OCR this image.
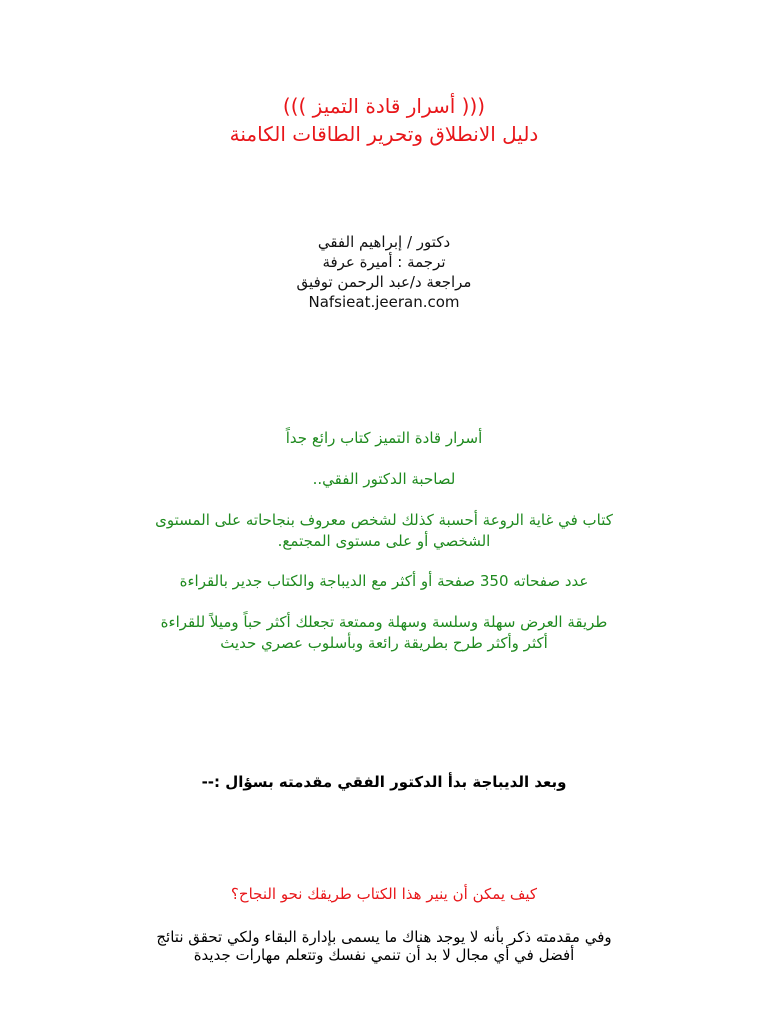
((( أسرار قادة التميز )))
دليل الانطلاق وتحرير الطاقات الكامنة
دكتور / إبراهيم الفقي
ترجمة : أميرة عرفة
مراجعة د/عبد الرحمن توفيق
Nafsieat.jeeran.com
أسرار قادة التميز كتاب رائع جداً
لصاحبة الدكتور الفقي..
كتاب في غاية الروعة أحسبة كذلك لشخص معروف بنجاحاته على المستوى
الشخصي أو على مستوى المجتمع.
عدد صفحاته 350 صفحة أو أكثر مع الديباجة والكتاب جدير بالقراءة
طريقة العرض سهلة وسلسة وسهلة وممتعة تجعلك أكثر حباً وميلاً للقراءة
أكثر وأكثر طرح بطريقة رائعة وبأسلوب عصري حديث
وبعد الديباجة بدأ الدكتور الفقي مقدمته بسؤال :--
كيف يمكن أن ينير هذا الكتاب طريقك نحو النجاح؟
وفي مقدمته ذكر بأنه لا يوجد هناك ما يسمى بإدارة البقاء ولكي تحقق نتائج
أفضل في أي مجال لا بد أن تنمي نفسك وتتعلم مهارات جديدة
